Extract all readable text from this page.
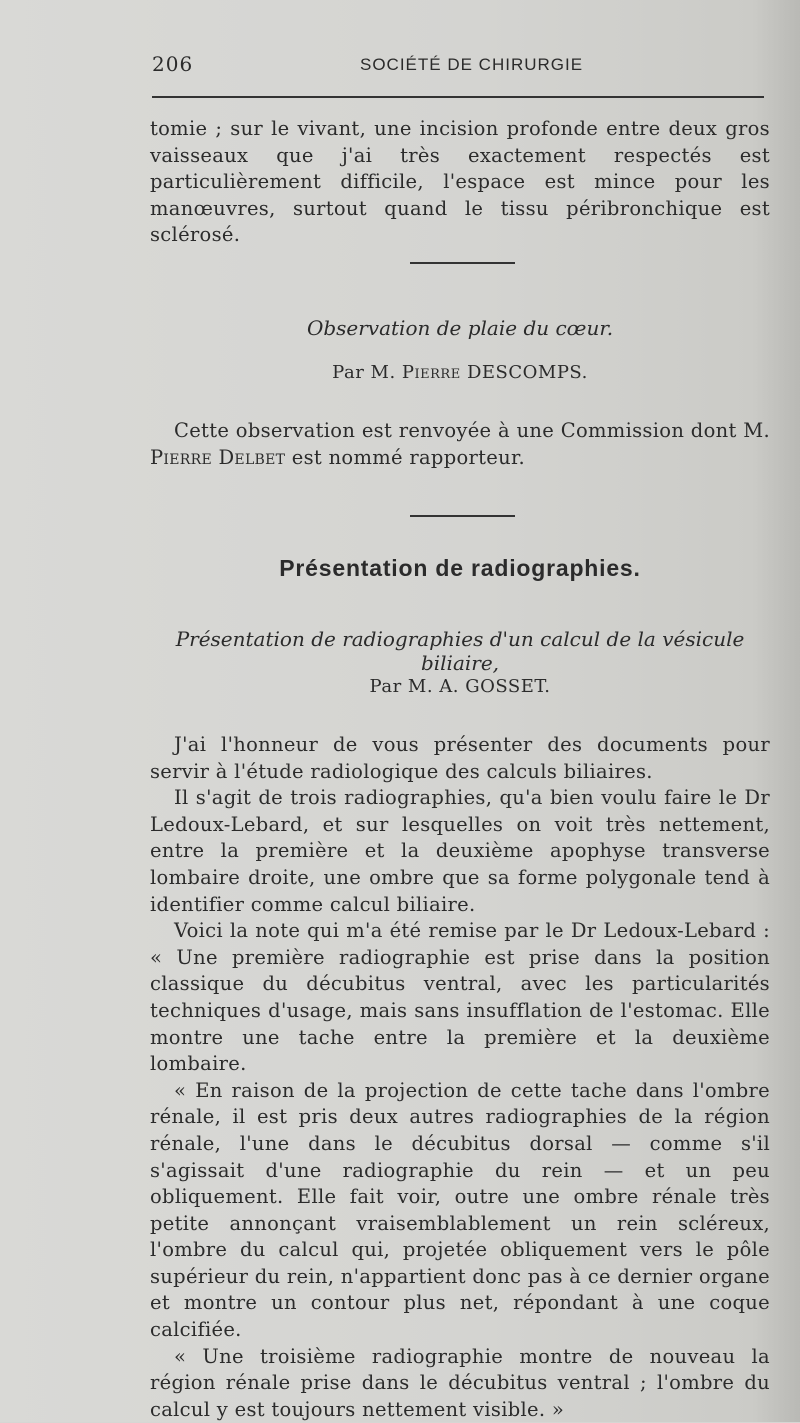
206	SOCIÉTÉ DE CHIRURGIE
tomie ; sur le vivant, une incision profonde entre deux gros vaisseaux que j'ai très exactement respectés est particulièrement difficile, l'espace est mince pour les manœuvres, surtout quand le tissu péribronchique est sclérosé.
Observation de plaie du cœur.
Par M. Pierre DESCOMPS.
Cette observation est renvoyée à une Commission dont M. Pierre Delbet est nommé rapporteur.
Présentation de radiographies.
Présentation de radiographies d'un calcul de la vésicule biliaire,
Par M. A. GOSSET.

J'ai l'honneur de vous présenter des documents pour servir à l'étude radiologique des calculs biliaires.

Il s'agit de trois radiographies, qu'a bien voulu faire le Dr Ledoux-Lebard, et sur lesquelles on voit très nettement, entre la première et la deuxième apophyse transverse lombaire droite, une ombre que sa forme polygonale tend à identifier comme calcul biliaire.

Voici la note qui m'a été remise par le Dr Ledoux-Lebard : « Une première radiographie est prise dans la position classique du décubitus ventral, avec les particularités techniques d'usage, mais sans insufflation de l'estomac. Elle montre une tache entre la première et la deuxième lombaire.

« En raison de la projection de cette tache dans l'ombre rénale, il est pris deux autres radiographies de la région rénale, l'une dans le décubitus dorsal — comme s'il s'agissait d'une radiographie du rein — et un peu obliquement. Elle fait voir, outre une ombre rénale très petite annonçant vraisemblablement un rein scléreux, l'ombre du calcul qui, projetée obliquement vers le pôle supérieur du rein, n'appartient donc pas à ce dernier organe et montre un contour plus net, répondant à une coque calcifiée.

« Une troisième radiographie montre de nouveau la région rénale prise dans le décubitus ventral ; l'ombre du calcul y est toujours nettement visible. »
